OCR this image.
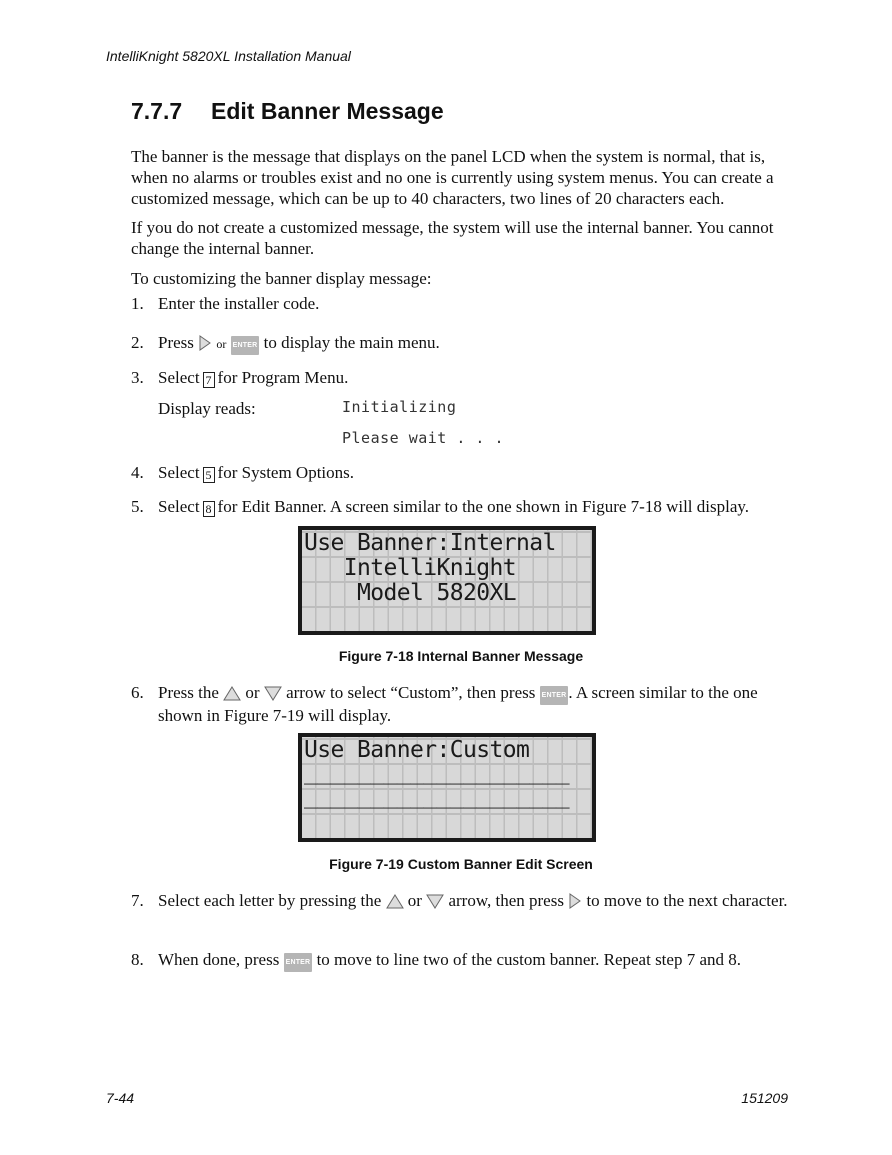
IntelliKnight 5820XL Installation Manual
7.7.7 Edit Banner Message
The banner is the message that displays on the panel LCD when the system is normal, that is, when no alarms or troubles exist and no one is currently using system menus. You can create a customized message, which can be up to 40 characters, two lines of 20 characters each.
If you do not create a customized message, the system will use the internal banner. You cannot change the internal banner.
To customizing the banner display message:
1. Enter the installer code.
2. Press or ENTER to display the main menu.
3. Select 7 for Program Menu.
Display reads:	Initializing
Please wait . . .
4. Select 5 for System Options.
5. Select 8 for Edit Banner. A screen similar to the one shown in Figure 7-18 will display.
Use Banner:Internal
IntelliKnight
Model 5820XL
Figure 7-18 Internal Banner Message
6. Press the or arrow to select “Custom”, then press ENTER . A screen similar to the one shown in Figure 7-19 will display.
Use Banner:Custom
____________________
____________________
Figure 7-19 Custom Banner Edit Screen
7. Select each letter by pressing the or arrow, then press to move to the next character.
8. When done, press ENTER to move to line two of the custom banner. Repeat step 7 and 8.
7-44	151209
